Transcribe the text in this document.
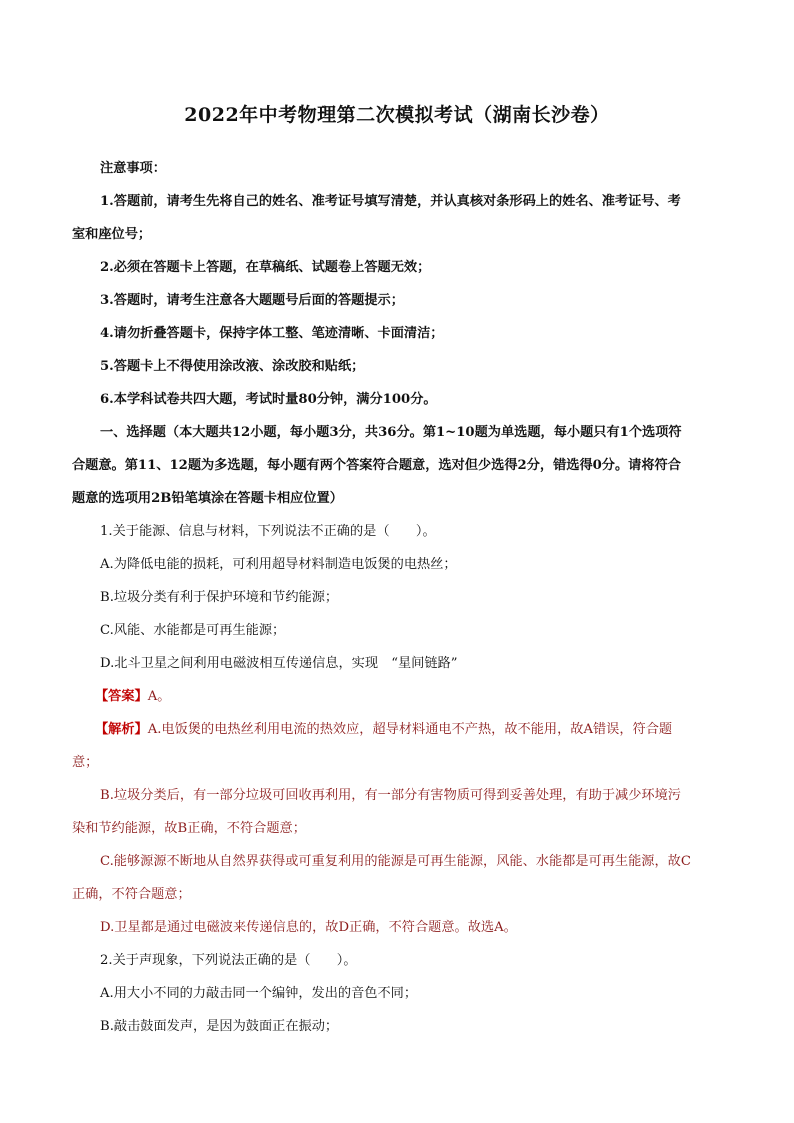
2022年中考物理第二次模拟考试（湖南长沙卷）
注意事项：
1.答题前，请考生先将自己的姓名、准考证号填写清楚，并认真核对条形码上的姓名、准考证号、考
室和座位号；
2.必须在答题卡上答题，在草稿纸、试题卷上答题无效；
3.答题时，请考生注意各大题题号后面的答题提示；
4.请勿折叠答题卡，保持字体工整、笔迹清晰、卡面清洁；
5.答题卡上不得使用涂改液、涂改胶和贴纸；
6.本学科试卷共四大题，考试时量80分钟，满分100分。
一、选择题（本大题共12小题，每小题3分，共36分。第1~10题为单选题，每小题只有1个选项符
合题意。第11、12题为多选题，每小题有两个答案符合题意，选对但少选得2分，错选得0分。请将符合
题意的选项用2B铅笔填涂在答题卡相应位置）
1.关于能源、信息与材料，下列说法不正确的是（　　）。
A.为降低电能的损耗，可利用超导材料制造电饭煲的电热丝；
B.垃圾分类有利于保护环境和节约能源；
C.风能、水能都是可再生能源；
D.北斗卫星之间利用电磁波相互传递信息，实现　“星间链路”
【答案】A。
【解析】A.电饭煲的电热丝利用电流的热效应，超导材料通电不产热，故不能用，故A错误，符合题
意；
B.垃圾分类后，有一部分垃圾可回收再利用，有一部分有害物质可得到妥善处理，有助于减少环境污
染和节约能源，故B正确，不符合题意；
C.能够源源不断地从自然界获得或可重复利用的能源是可再生能源，风能、水能都是可再生能源，故C
正确，不符合题意；
D.卫星都是通过电磁波来传递信息的，故D正确，不符合题意。故选A。
2.关于声现象，下列说法正确的是（　　）。
A.用大小不同的力敲击同一个编钟，发出的音色不同；
B.敲击鼓面发声，是因为鼓面正在振动；
